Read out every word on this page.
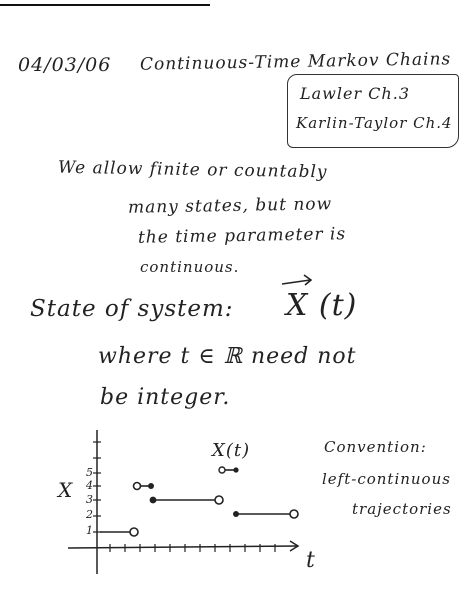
04/03/06 Continuous-Time Markov Chains
Lawler Ch.3
Karlin-Taylor Ch.4
We allow finite or countably
many states, but now
the time parameter is
continuous.
State of system: X (t)
where t ∈ ℝ need not
be integer.
1
2
3
4
5
X
t
X(t)	Convention:
left-continuous
trajectories
